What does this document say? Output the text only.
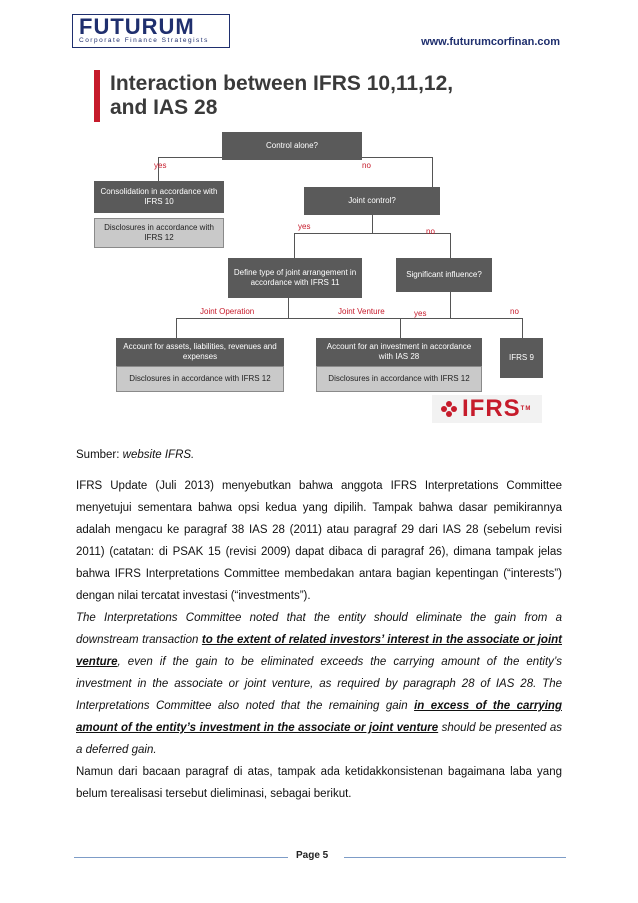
FUTURUM
Corporate Finance Strategists	www.futurumcorfinan.com
Interaction between IFRS 10,11,12,
and IAS 28
Control alone?
yes	no
Consolidation in accordance with IFRS 10
Disclosures in accordance with IFRS 12
Joint control?
yes
no
Define type of joint arrangement in accordance with IFRS 11
Significant influence?
Joint Operation	Joint Venture	yes	no
Account for assets, liabilities, revenues and expenses
Disclosures in accordance with IFRS 12
Account for an investment in accordance with IAS 28
Disclosures in accordance with IFRS 12
IFRS 9
IFRS™
Sumber: website IFRS.

IFRS Update (Juli 2013) menyebutkan bahwa anggota IFRS Interpretations Committee menyetujui sementara bahwa opsi kedua yang dipilih. Tampak bahwa dasar pemikirannya adalah mengacu ke paragraf 38 IAS 28 (2011) atau paragraf 29 dari IAS 28 (sebelum revisi 2011) (catatan: di PSAK 15 (revisi 2009) dapat dibaca di paragraf 26), dimana tampak jelas bahwa IFRS Interpretations Committee membedakan antara bagian kepentingan (“interests”) dengan nilai tercatat investasi (“investments”).

The Interpretations Committee noted that the entity should eliminate the gain from a downstream transaction to the extent of related investors’ interest in the associate or joint venture, even if the gain to be eliminated exceeds the carrying amount of the entity’s investment in the associate or joint venture, as required by paragraph 28 of IAS 28. The Interpretations Committee also noted that the remaining gain in excess of the carrying amount of the entity’s investment in the associate or joint venture should be presented as a deferred gain.

Namun dari bacaan paragraf di atas, tampak ada ketidakkonsistenan bagaimana laba yang belum terealisasi tersebut dieliminasi, sebagai berikut.

Page 5
